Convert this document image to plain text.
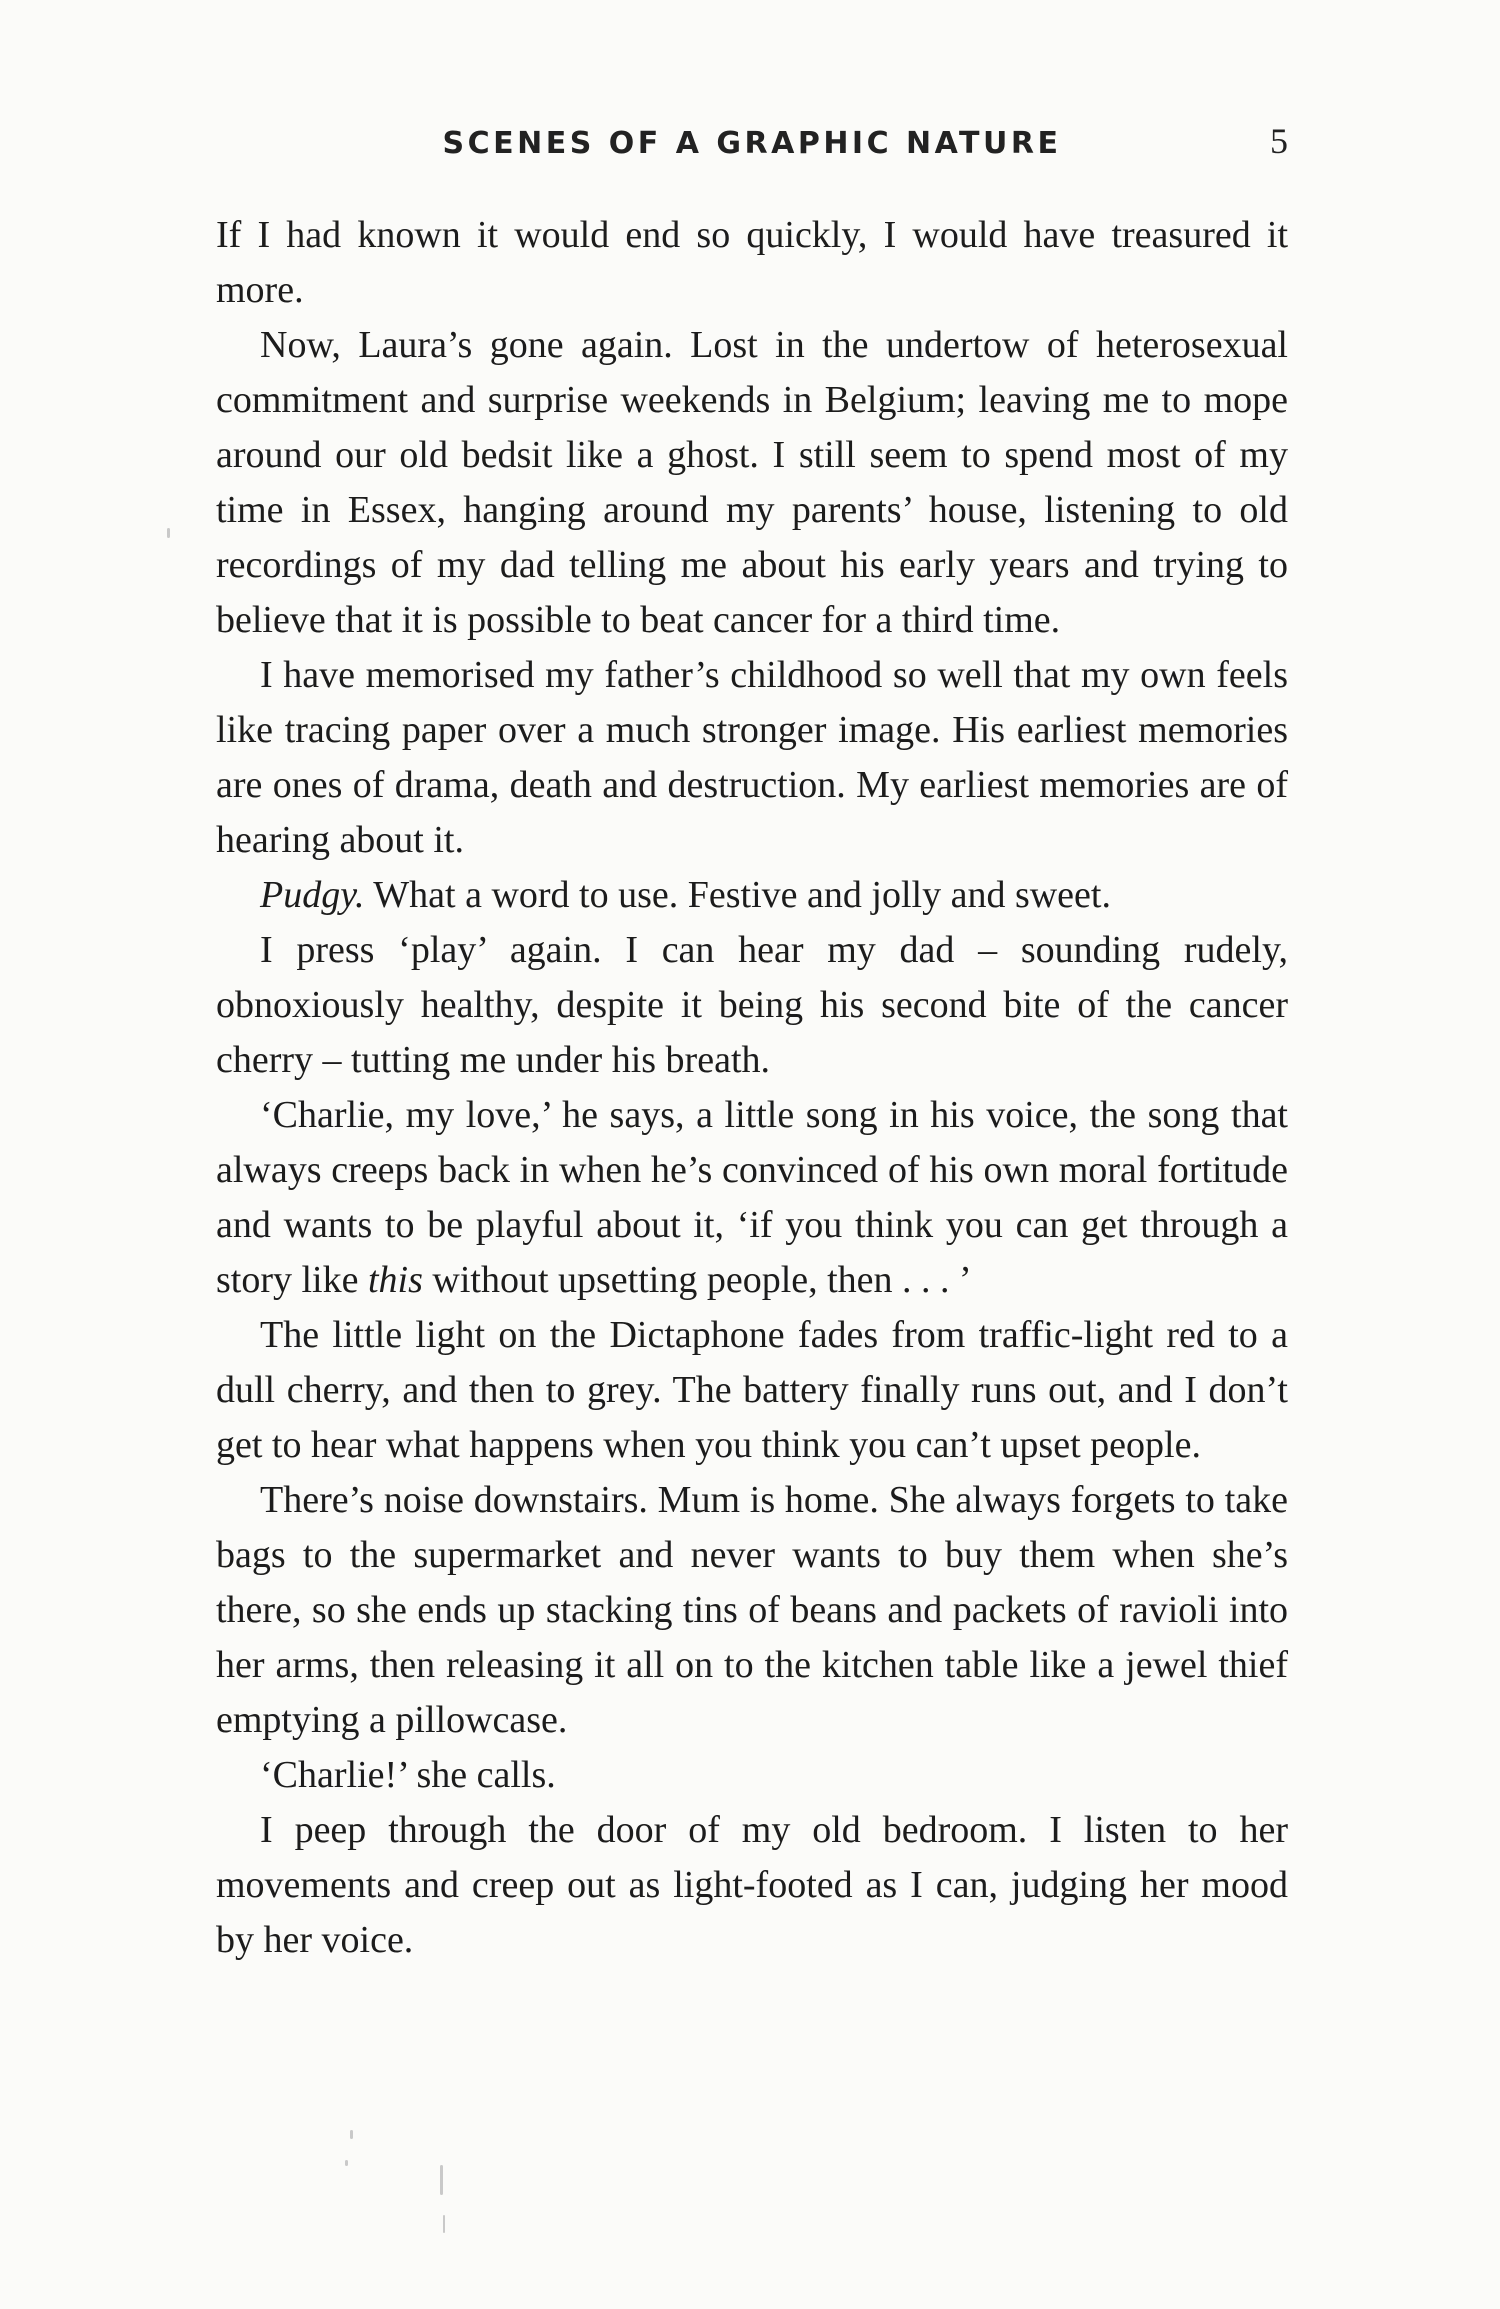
SCENES OF A GRAPHIC NATURE	5

If I had known it would end so quickly, I would have treasured it more.

Now, Laura’s gone again. Lost in the undertow of heterosexual commitment and surprise weekends in Belgium; leaving me to mope around our old bedsit like a ghost. I still seem to spend most of my time in Essex, hanging around my parents’ house, listening to old recordings of my dad telling me about his early years and trying to believe that it is possible to beat cancer for a third time.

I have memorised my father’s childhood so well that my own feels like tracing paper over a much stronger image. His earliest memories are ones of drama, death and destruction. My earliest memories are of hearing about it.

Pudgy. What a word to use. Festive and jolly and sweet.

I press ‘play’ again. I can hear my dad – sounding rudely, obnoxiously healthy, despite it being his second bite of the cancer cherry – tutting me under his breath.

‘Charlie, my love,’ he says, a little song in his voice, the song that always creeps back in when he’s convinced of his own moral fortitude and wants to be playful about it, ‘if you think you can get through a story like this without upsetting people, then . . . ’

The little light on the Dictaphone fades from traffic-light red to a dull cherry, and then to grey. The battery finally runs out, and I don’t get to hear what happens when you think you can’t upset people.

There’s noise downstairs. Mum is home. She always forgets to take bags to the supermarket and never wants to buy them when she’s there, so she ends up stacking tins of beans and packets of ravioli into her arms, then releasing it all on to the kitchen table like a jewel thief emptying a pillowcase.

‘Charlie!’ she calls.

I peep through the door of my old bedroom. I listen to her movements and creep out as light-footed as I can, judging her mood by her voice.
